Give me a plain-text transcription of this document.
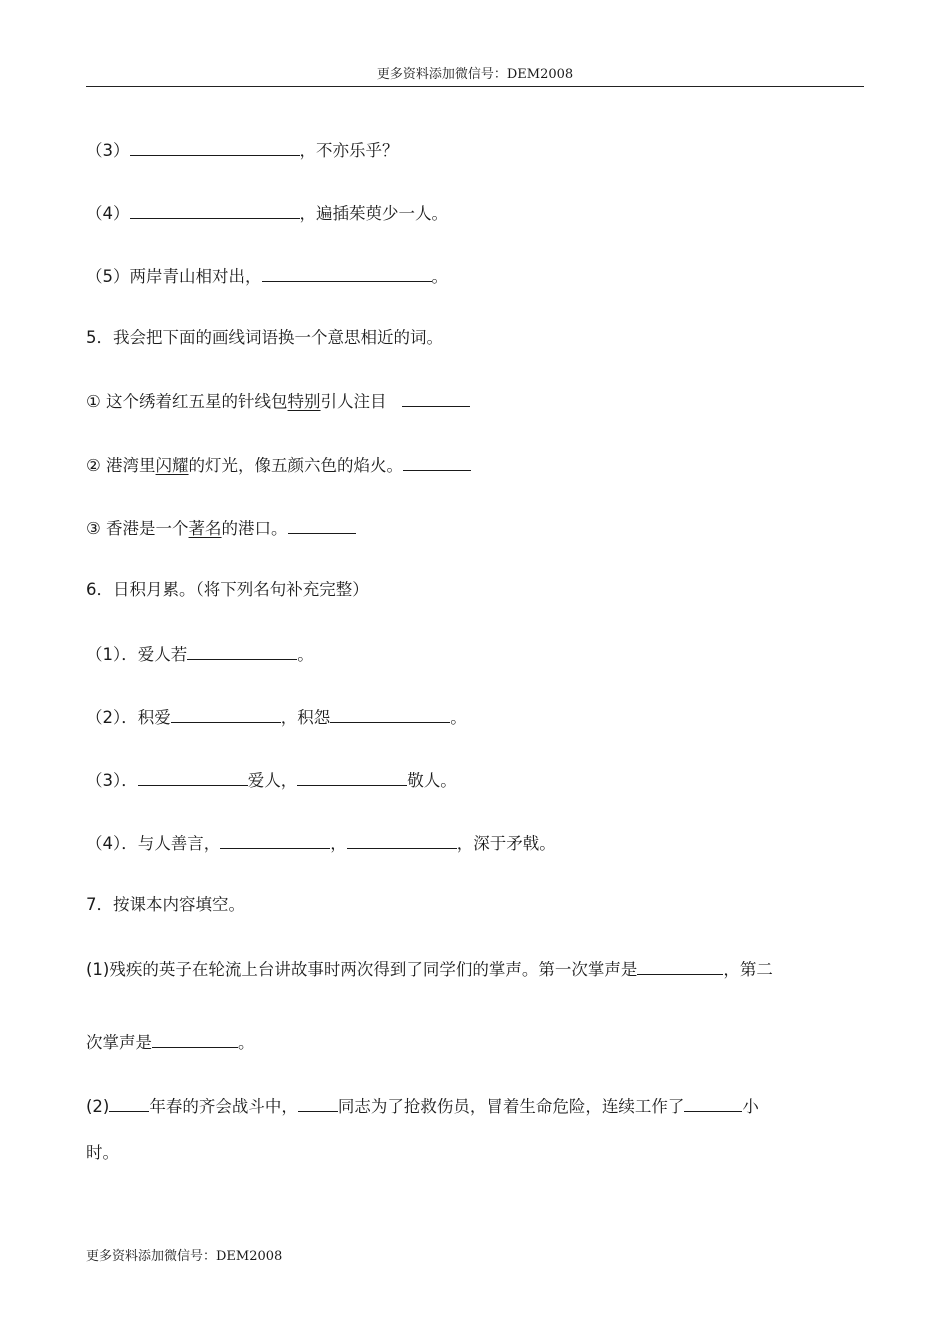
更多资料添加微信号：DEM2008
（3）	，不亦乐乎？
（4）	，遍插茱萸少一人。
（5）两岸青山相对出，	。
5．我会把下面的画线词语换一个意思相近的词。
① 这个绣着红五星的针线包特别引人注目
② 港湾里闪耀的灯光，像五颜六色的焰火。
③ 香港是一个著名的港口。
6．日积月累。（将下列名句补充完整）
（1）．爱人若	。
（2）．积爱	，积怨	。
（3）．	爱人，	敬人。
（4）．与人善言，	，	，深于矛戟。
7．按课本内容填空。
(1)残疾的英子在轮流上台讲故事时两次得到了同学们的掌声。第一次掌声是	，第二
次掌声是	。
(2) 年春的齐会战斗中， 同志为了抢救伤员，冒着生命危险，连续工作了	小
时。
更多资料添加微信号：DEM2008
